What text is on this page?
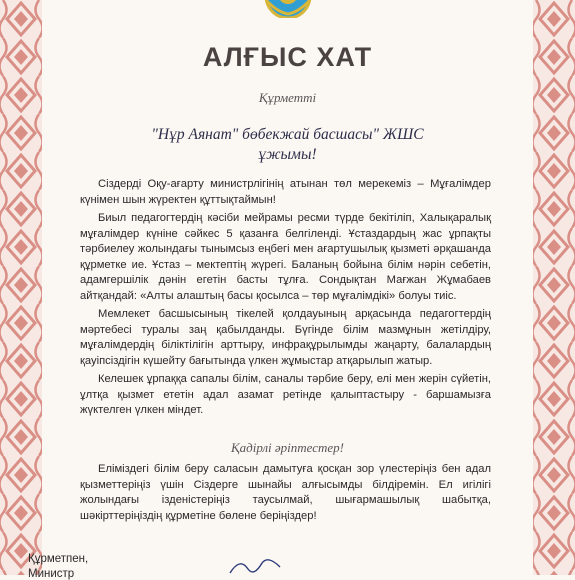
АЛҒЫС ХАТ
Құрметті
"Нұр Аянат" бөбекжай басшасы" ЖШС
ұжымы!

Сіздерді Оқу-ағарту министрлігінің атынан төл мерекеміз – Мұғалімдер күнімен шын жүректен құттықтаймын!

Биыл педагогтердің кәсіби мейрамы ресми түрде бекітіліп, Халықаралық мұғалімдер күніне сәйкес 5 қазанға белгіленді. Ұстаздардың жас ұрпақты тәрбиелеу жолындағы тынымсыз еңбегі мен ағартушылық қызметі әрқашанда құрметке ие. Ұстаз – мектептің жүрегі. Баланың бойына білім нәрін себетін, адамгершілік дәнін егетін басты тұлға. Сондықтан Мағжан Жұмабаев айтқандай: «Алты алаштың басы қосылса – төр мұғалімдікі» болуы тиіс.

Мемлекет басшысының тікелей қолдауының арқасында педагогтердің мәртебесі туралы заң қабылданды. Бүгінде білім мазмұнын жетілдіру, мұғалімдердің біліктілігін арттыру, инфрақұрылымды жаңарту, балалардың қауіпсіздігін күшейту бағытында үлкен жұмыстар атқарылып жатыр.

Келешек ұрпаққа сапалы білім, саналы тәрбие беру, елі мен жерін сүйетін, ұлтқа қызмет ететін адал азамат ретінде қалыптастыру - баршамызға жүктелген үлкен міндет.

Қадірлі әріптестер!

Еліміздегі білім беру саласын дамытуға қосқан зор үлестеріңіз бен адал қызметтеріңіз үшін Сіздерге шынайы алғысымды білдіремін. Ел игілігі жолындағы ізденістеріңіз таусылмай, шығармашылық шабытқа, шәкірттеріңіздің құрметіне бөлене беріңіздер!

Құрметпен,
Министр
